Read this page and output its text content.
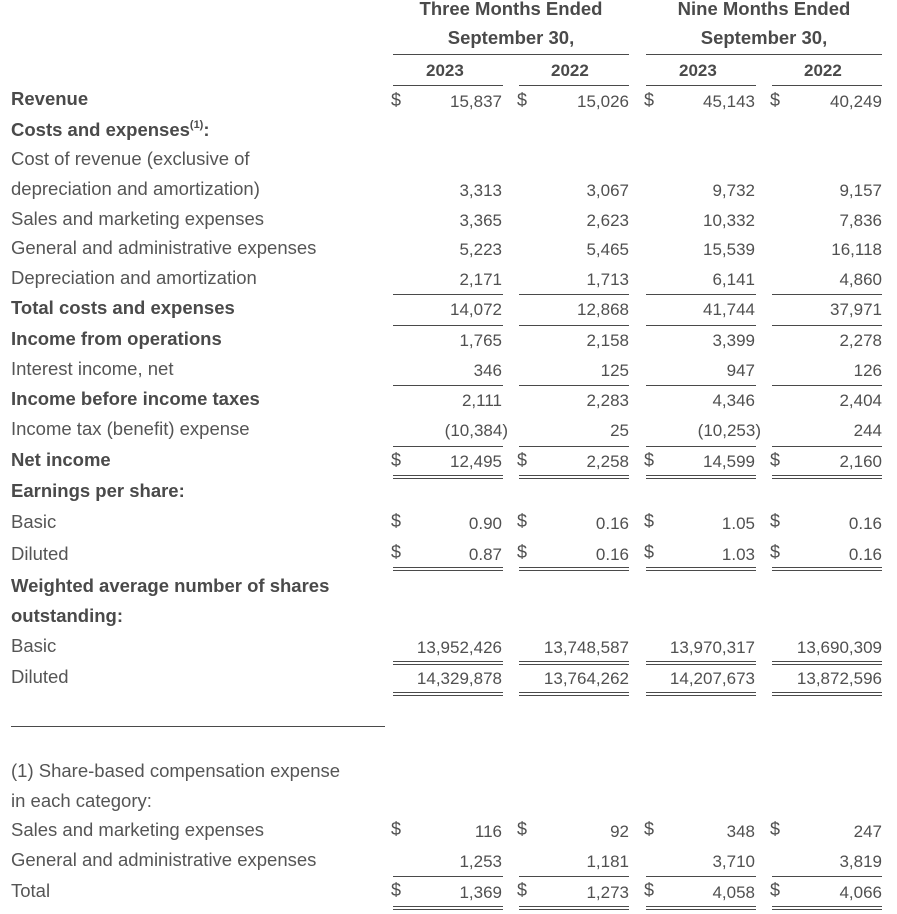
Three Months Ended
September 30,
Nine Months Ended
September 30,
2023	2022	2023	2022
Revenue	$	15,837 $	15,026 $	45,143 $	40,249
Costs and expenses$^{(1)}$:
Cost of revenue (exclusive of
depreciation and amortization)	3,313	3,067	9,732	9,157
Sales and marketing expenses	3,365	2,623	10,332	7,836
General and administrative expenses	5,223	5,465	15,539	16,118
Depreciation and amortization	2,171	1,713	6,141	4,860
Total costs and expenses	14,072	12,868	41,744	37,971
Income from operations	1,765	2,158	3,399	2,278
Interest income, net	346	125	947	126
Income before income taxes	2,111	2,283	4,346	2,404
Income tax (benefit) expense	(10,384)	25	(10,253)	244
Net income	$	12,495 $	2,258 $	14,599 $	2,160
Earnings per share:
Basic	$	0.90 $	0.16 $	1.05 $	0.16
Diluted	$	0.87 $	0.16 $	1.03 $	0.16
Weighted average number of shares
outstanding:
Basic	13,952,426 13,748,587 13,970,317 13,690,309
Diluted	14,329,878 13,764,262 14,207,673 13,872,596
(1) Share-based compensation expense
in each category:
Sales and marketing expenses	$	116 $	92 $	348 $	247
General and administrative expenses	1,253	1,181	3,710	3,819
Total	$	1,369 $	1,273 $	4,058 $	4,066
